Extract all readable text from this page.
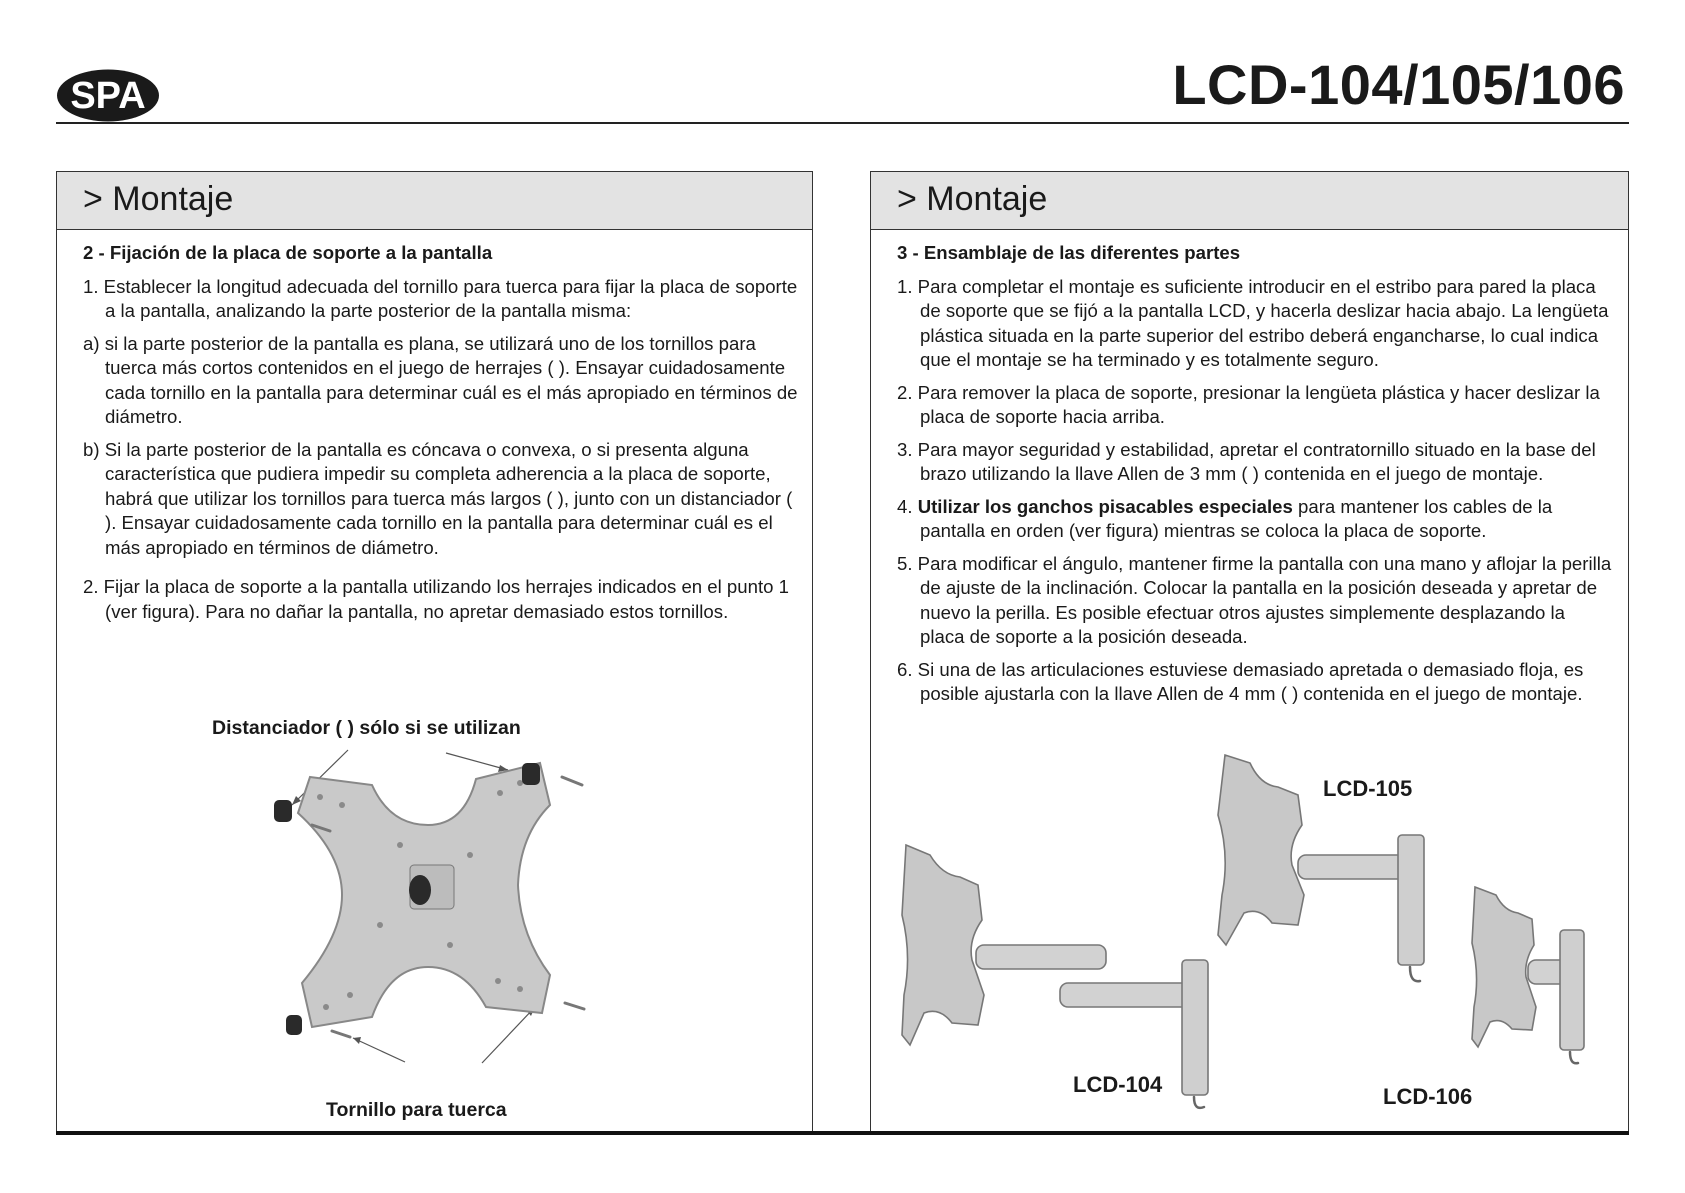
SPA	LCD-104/105/106
> Montaje
2 - Fijación de la placa de soporte a la pantalla
1. Establecer la longitud adecuada del tornillo para tuerca para fijar la placa de soporte a la pantalla, analizando la parte posterior de la pantalla misma:
a) si la parte posterior de la pantalla es plana, se utilizará uno de los tornillos para tuerca más cortos contenidos en el juego de herrajes ( ). Ensayar cuidadosamente cada tornillo en la pantalla para determinar cuál es el más apropiado en términos de diámetro.
b) Si la parte posterior de la pantalla es cóncava o convexa, o si presenta alguna característica que pudiera impedir su completa adherencia a la placa de soporte, habrá que utilizar los tornillos para tuerca más largos ( ), junto con un distanciador ( ). Ensayar cuidadosamente cada tornillo en la pantalla para determinar cuál es el más apropiado en términos de diámetro.
2. Fijar la placa de soporte a la pantalla utilizando los herrajes indicados en el punto 1 (ver figura). Para no dañar la pantalla, no apretar demasiado estos tornillos.
> Montaje
3 - Ensamblaje de las diferentes partes
1. Para completar el montaje es suficiente introducir en el estribo para pared la placa de soporte que se fijó a la pantalla LCD, y hacerla deslizar hacia abajo. La lengüeta plástica situada en la parte superior del estribo deberá engancharse, lo cual indica que el montaje se ha terminado y es totalmente seguro.
2. Para remover la placa de soporte, presionar la lengüeta plástica y hacer deslizar la placa de soporte hacia arriba.
3. Para mayor seguridad y estabilidad, apretar el contratornillo situado en la base del brazo utilizando la llave Allen de 3 mm ( ) contenida en el juego de montaje.
4. Utilizar los ganchos pisacables especiales para mantener los cables de la pantalla en orden (ver figura) mientras se coloca la placa de soporte.
5. Para modificar el ángulo, mantener firme la pantalla con una mano y aflojar la perilla de ajuste de la inclinación. Colocar la pantalla en la posición deseada y apretar de nuevo la perilla. Es posible efectuar otros ajustes simplemente desplazando la placa de soporte a la posición deseada.
6. Si una de las articulaciones estuviese demasiado apretada o demasiado floja, es posible ajustarla con la llave Allen de 4 mm ( ) contenida en el juego de montaje.
Distanciador ( ) sólo si se utilizan
Tornillo para tuerca
LCD-105
LCD-104	LCD-106
